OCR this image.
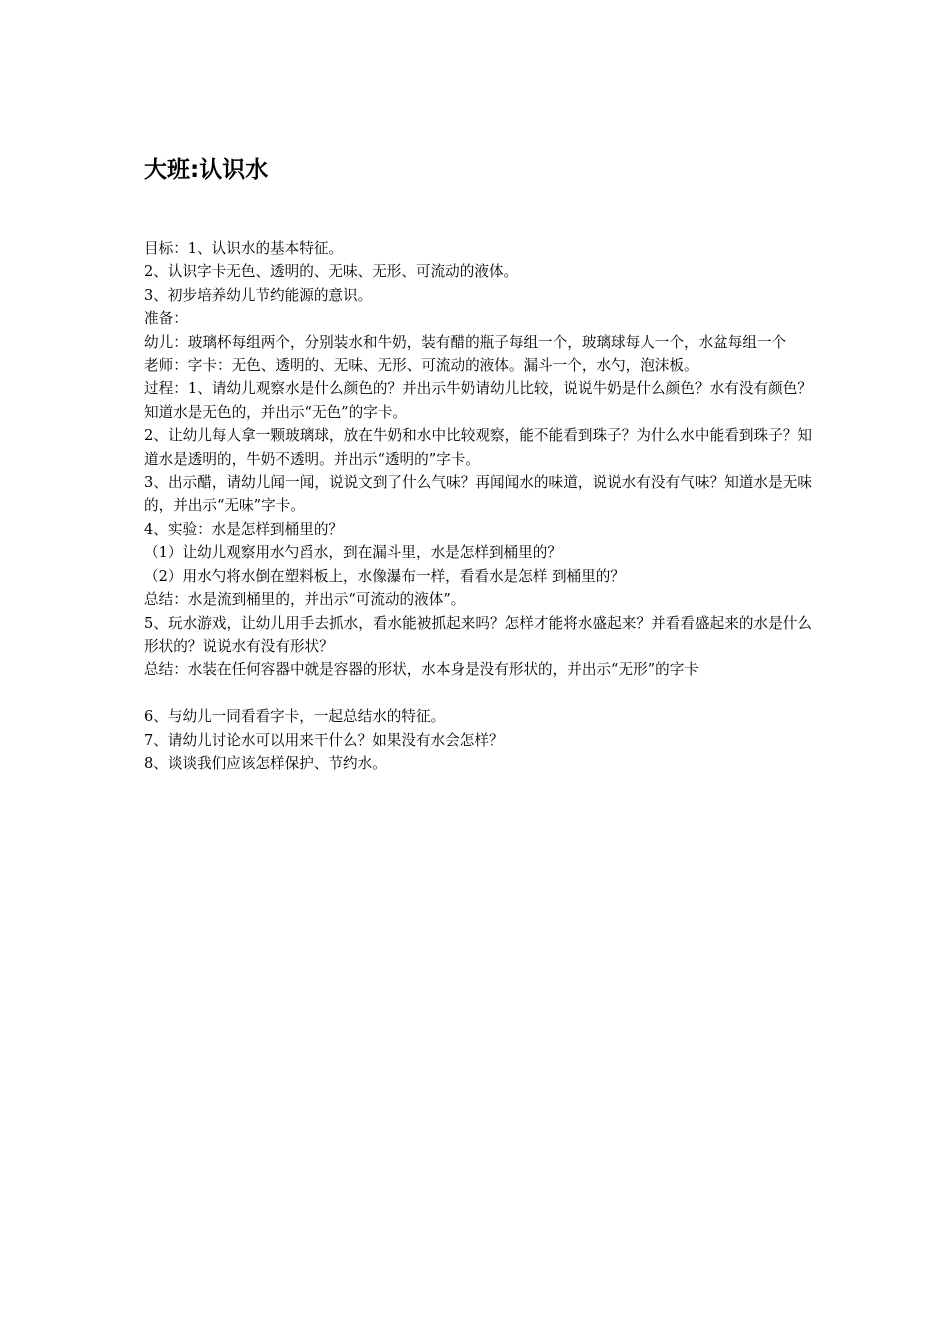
大班:认识水

目标：1、认识水的基本特征。

2、认识字卡无色、透明的、无味、无形、可流动的液体。

3、初步培养幼儿节约能源的意识。

准备：

幼儿：玻璃杯每组两个，分别装水和牛奶，装有醋的瓶子每组一个，玻璃球每人一个，水盆每组一个

老师：字卡：无色、透明的、无味、无形、可流动的液体。漏斗一个，水勺，泡沫板。

过程：1、请幼儿观察水是什么颜色的？并出示牛奶请幼儿比较，说说牛奶是什么颜色？水有没有颜色？知道水是无色的，并出示“无色”的字卡。

2、让幼儿每人拿一颗玻璃球，放在牛奶和水中比较观察，能不能看到珠子？为什么水中能看到珠子？知道水是透明的，牛奶不透明。并出示“透明的”字卡。

3、出示醋，请幼儿闻一闻，说说文到了什么气味？再闻闻水的味道，说说水有没有气味？知道水是无味的，并出示“无味”字卡。

4、实验：水是怎样到桶里的？

（1）让幼儿观察用水勺舀水，到在漏斗里，水是怎样到桶里的？

（2）用水勺将水倒在塑料板上，水像瀑布一样，看看水是怎样 到桶里的？

总结：水是流到桶里的，并出示“可流动的液体”。

5、玩水游戏，让幼儿用手去抓水，看水能被抓起来吗？怎样才能将水盛起来？并看看盛起来的水是什么形状的？说说水有没有形状？

总结：水装在任何容器中就是容器的形状，水本身是没有形状的，并出示“无形”的字卡

6、与幼儿一同看看字卡，一起总结水的特征。

7、请幼儿讨论水可以用来干什么？如果没有水会怎样？

8、谈谈我们应该怎样保护、节约水。
